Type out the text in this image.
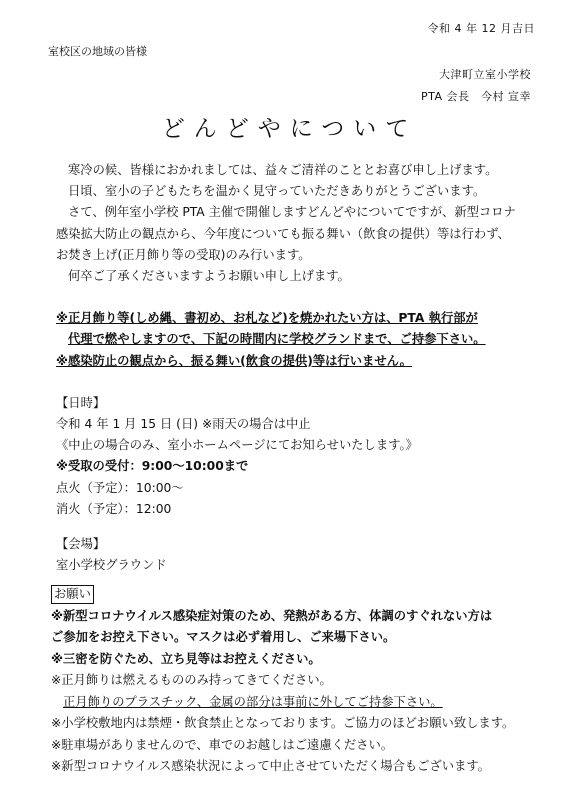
令和 4 年 12 月吉日
室校区の地域の皆様
大津町立室小学校
PTA 会長　今村 宣幸
どんどやについて

寒冷の候、皆様におかれましては、益々ご清祥のこととお喜び申し上げます。

日頃、室小の子どもたちを温かく見守っていただきありがとうございます。

さて、例年室小学校 PTA 主催で開催しますどんどやについてですが、新型コロナ

感染拡大防止の観点から、今年度についても振る舞い（飲食の提供）等は行わず、

お焚き上げ(正月飾り等の受取)のみ行います。

何卒ご了承くださいますようお願い申し上げます。

※正月飾り等(しめ縄、書初め、お札など)を焼かれたい方は、PTA 執行部が

代理で燃やしますので、下記の時間内に学校グランドまで、ご持参下さい。

※感染防止の観点から、振る舞い(飲食の提供)等は行いません。

【日時】

令和 4 年 1 月 15 日 (日) ※雨天の場合は中止

《中止の場合のみ、室小ホームページにてお知らせいたします。》

※受取の受付：9:00～10:00まで

点火（予定）：10:00～

消火（予定）：12:00

【会場】

室小学校グラウンド

お願い

※新型コロナウイルス感染症対策のため、発熱がある方、体調のすぐれない方は

ご参加をお控え下さい。マスクは必ず着用し、ご来場下さい。

※三密を防ぐため、立ち見等はお控えください。

※正月飾りは燃えるもののみ持ってきてください。

正月飾りのプラスチック、金属の部分は事前に外してご持参下さい。

※小学校敷地内は禁煙・飲食禁止となっております。ご協力のほどお願い致します。

※駐車場がありませんので、車でのお越しはご遠慮ください。

※新型コロナウイルス感染状況によって中止させていただく場合もございます。
